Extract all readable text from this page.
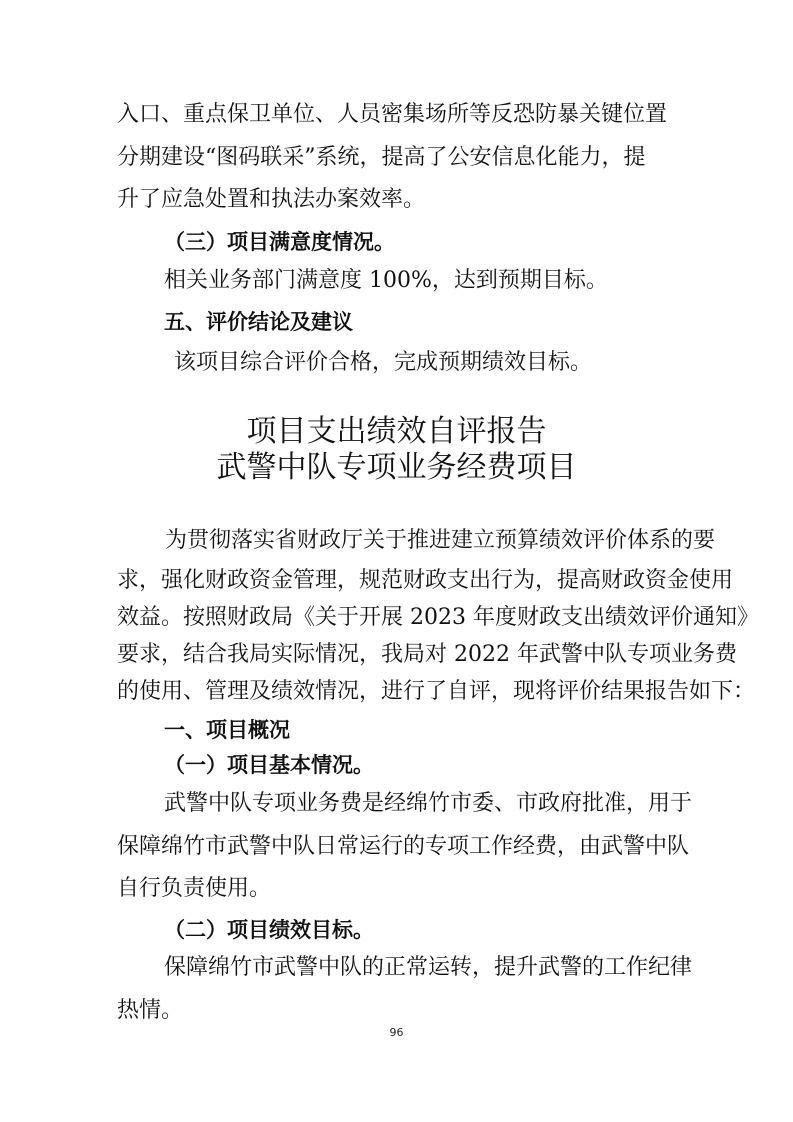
入口、重点保卫单位、人员密集场所等反恐防暴关键位置
分期建设“图码联采”系统，提高了公安信息化能力，提
升了应急处置和执法办案效率。
（三）项目满意度情况。
相关业务部门满意度 100%，达到预期目标。
五、评价结论及建议
该项目综合评价合格，完成预期绩效目标。
项目支出绩效自评报告
武警中队专项业务经费项目
为贯彻落实省财政厅关于推进建立预算绩效评价体系的要
求，强化财政资金管理，规范财政支出行为，提高财政资金使用
效益。按照财政局《关于开展 2023 年度财政支出绩效评价通知》
要求，结合我局实际情况，我局对 2022 年武警中队专项业务费
的使用、管理及绩效情况，进行了自评，现将评价结果报告如下：
一、项目概况
（一）项目基本情况。
武警中队专项业务费是经绵竹市委、市政府批准，用于
保障绵竹市武警中队日常运行的专项工作经费，由武警中队
自行负责使用。
（二）项目绩效目标。
保障绵竹市武警中队的正常运转，提升武警的工作纪律
热情。
96
